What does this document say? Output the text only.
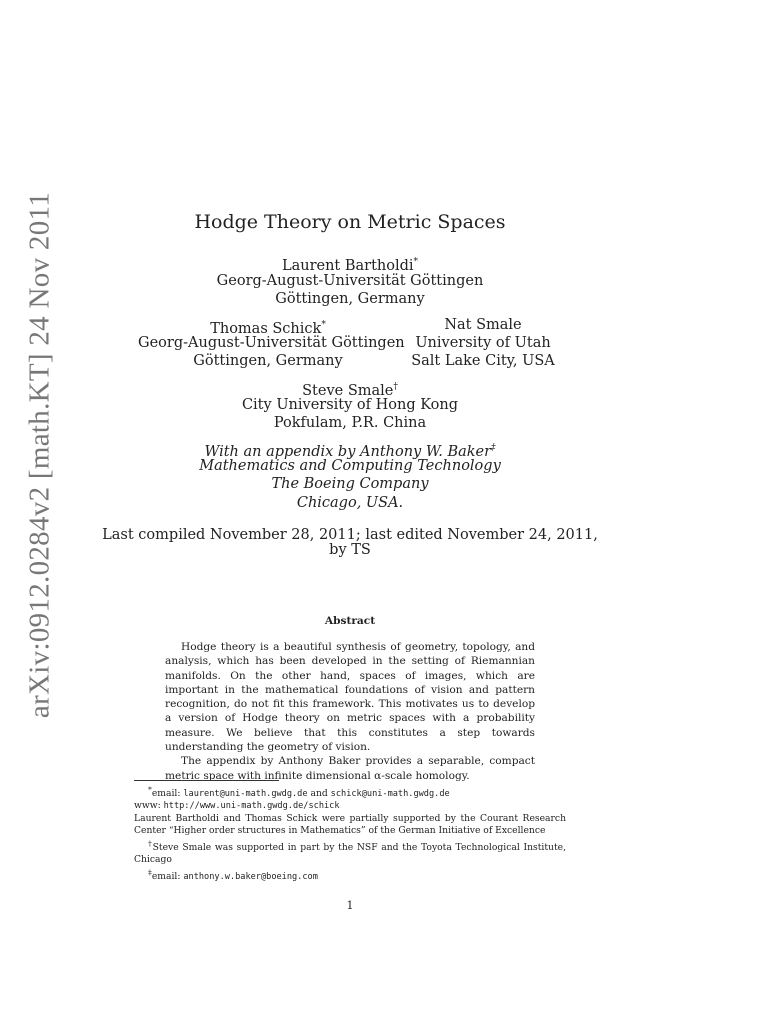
arXiv:0912.0284v2 [math.KT] 24 Nov 2011	Hodge Theory on Metric Spaces
Laurent Bartholdi*
Georg-August-Universität Göttingen
Göttingen, Germany
Thomas Schick*
Georg-August-Universität Göttingen
Göttingen, Germany
Nat Smale
University of Utah
Salt Lake City, USA
Steve Smale†
City University of Hong Kong
Pokfulam, P.R. China
With an appendix by Anthony W. Baker‡
Mathematics and Computing Technology
The Boeing Company
Chicago, USA.
Last compiled November 28, 2011; last edited November 24, 2011,
by TS
Abstract

Hodge theory is a beautiful synthesis of geometry, topology, and analysis, which has been developed in the setting of Riemannian manifolds. On the other hand, spaces of images, which are important in the mathematical foundations of vision and pattern recognition, do not fit this framework. This motivates us to develop a version of Hodge theory on metric spaces with a probability measure. We believe that this constitutes a step towards understanding the geometry of vision.

The appendix by Anthony Baker provides a separable, compact metric space with infinite dimensional α-scale homology.

*email: laurent@uni-math.gwdg.de and schick@uni-math.gwdg.de

www: http://www.uni-math.gwdg.de/schick

Laurent Bartholdi and Thomas Schick were partially supported by the Courant Research Center “Higher order structures in Mathematics” of the German Initiative of Excellence

†Steve Smale was supported in part by the NSF and the Toyota Technological Institute, Chicago

‡email: anthony.w.baker@boeing.com

1
